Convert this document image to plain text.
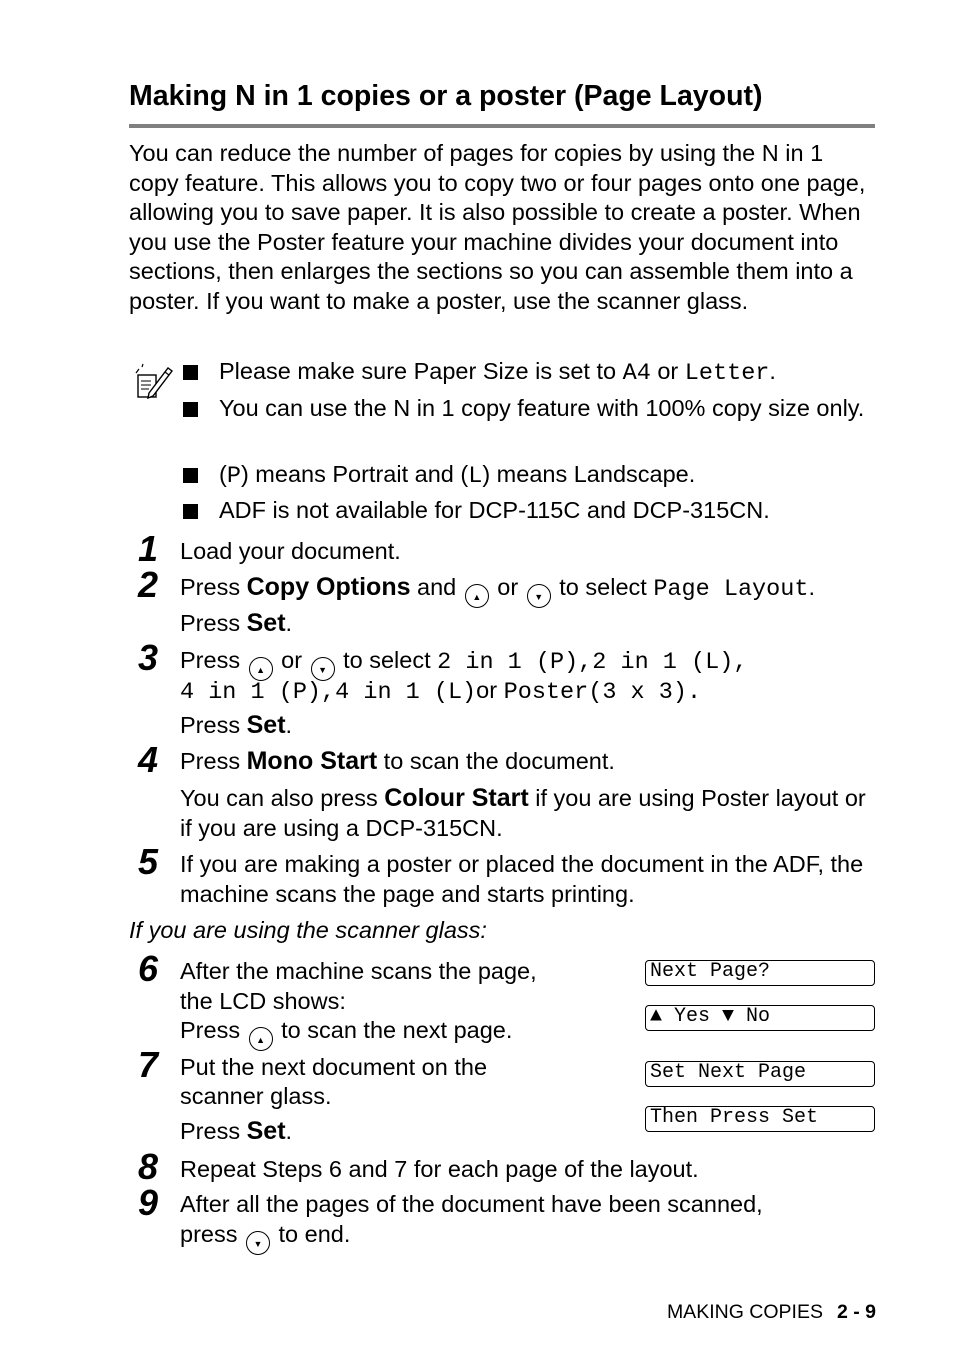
Making N in 1 copies or a poster (Page Layout)
You can reduce the number of pages for copies by using the N in 1 copy feature. This allows you to copy two or four pages onto one page, allowing you to save paper. It is also possible to create a poster. When you use the Poster feature your machine divides your document into sections, then enlarges the sections so you can assemble them into a poster. If you want to make a poster, use the scanner glass.
Please make sure Paper Size is set to A4 or Letter.
You can use the N in 1 copy feature with 100% copy size only.
(P) means Portrait and (L) means Landscape.
ADF is not available for DCP-115C and DCP-315CN.
1 Load your document.
2 Press Copy Options and ▲ or ▼ to select Page Layout.
Press Set.
3 Press ▲ or ▼ to select 2 in 1 (P),2 in 1 (L),
4 in 1 (P),4 in 1 (L)or Poster(3 x 3).
Press Set.
4 Press Mono Start to scan the document.
You can also press Colour Start if you are using Poster layout or if you are using a DCP-315CN.
5 If you are making a poster or placed the document in the ADF, the machine scans the page and starts printing.
If you are using the scanner glass:
6 After the machine scans the page,
the LCD shows:
Press ▲ to scan the next page.
7 Put the next document on the
scanner glass.
Press Set.
Next Page?
▲ Yes ▼ No
Set Next Page
Then Press Set
8 Repeat Steps 6 and 7 for each page of the layout.
9 After all the pages of the document have been scanned,
press ▼ to end.
MAKING COPIES 2 - 9
